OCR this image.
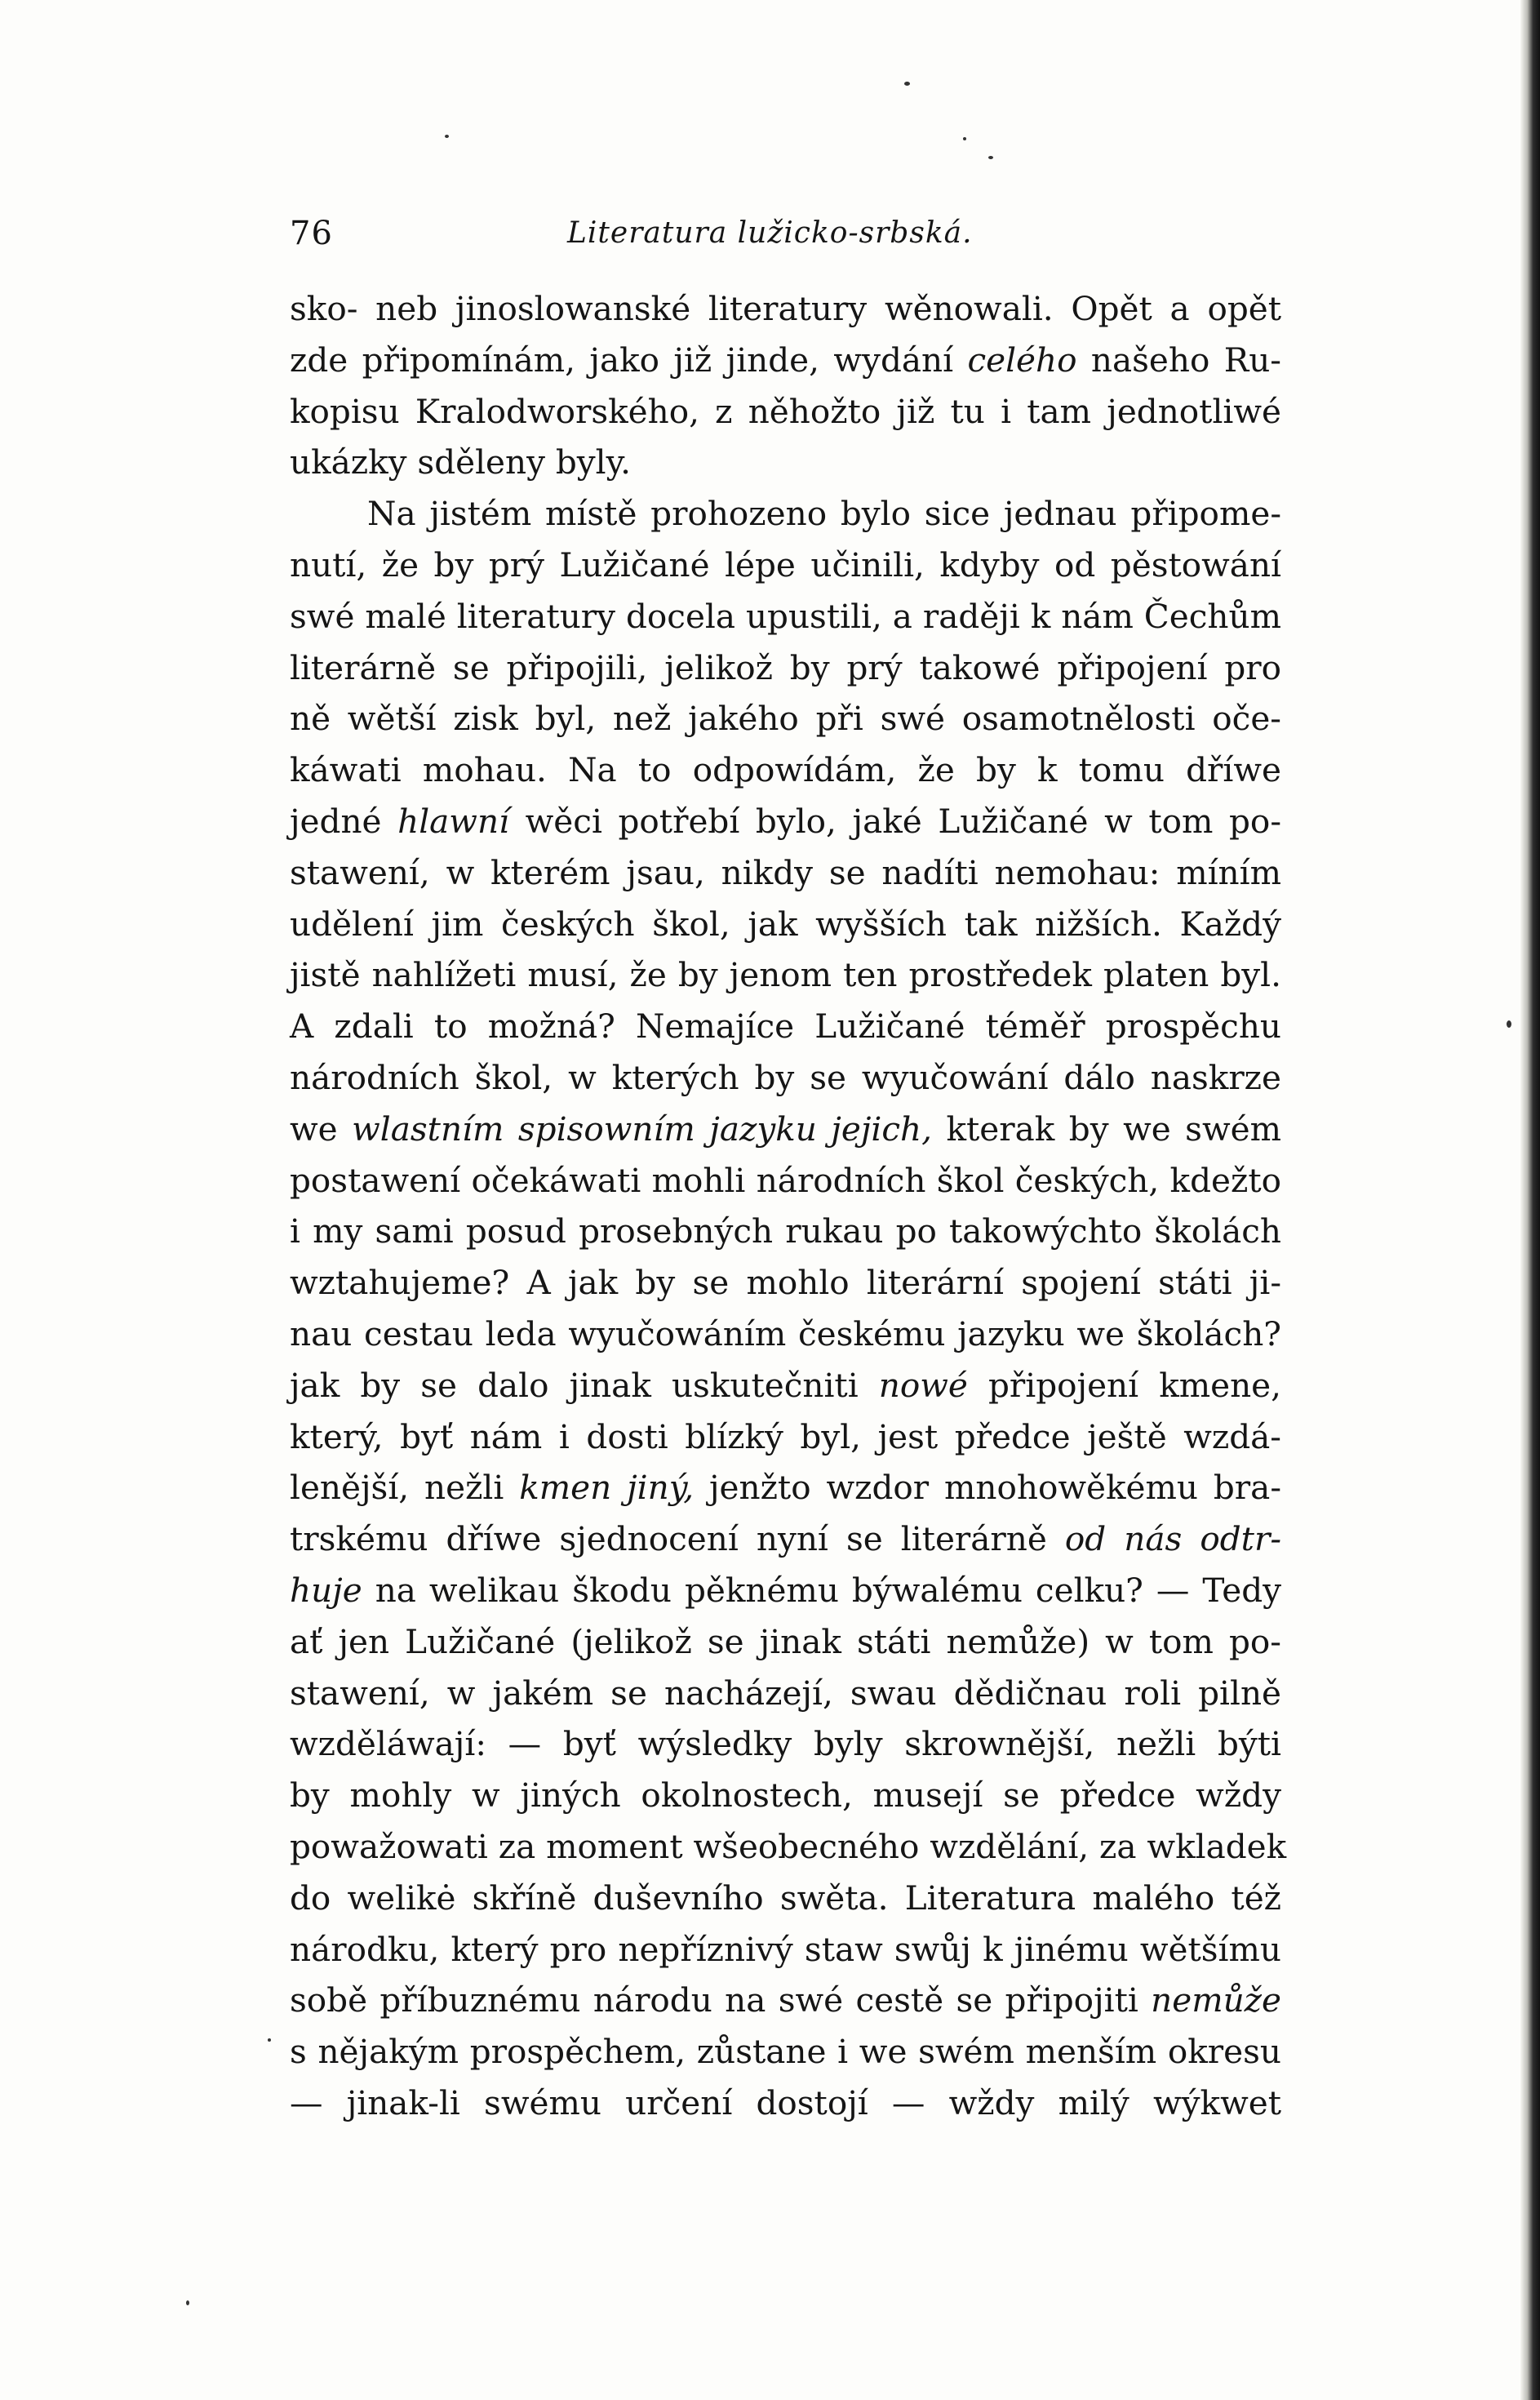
76	Literatura lužicko-srbská.
sko- neb jinoslowanské literatury wěnowali. Opět a opět
zde připomínám, jako již jinde, wydání celého našeho Ru-
kopisu Kralodworského, z něhožto již tu i tam jednotliwé
ukázky sděleny byly.
Na jistém místě prohozeno bylo sice jednau připome-
nutí, že by prý Lužičané lépe učinili, kdyby od pěstowání
swé malé literatury docela upustili, a raději k nám Čechům
literárně se připojili, jelikož by prý takowé připojení pro
ně wětší zisk byl, než jakého při swé osamotnělosti oče-
káwati mohau. Na to odpowídám, že by k tomu dříwe
jedné hlawní wěci potřebí bylo, jaké Lužičané w tom po-
stawení, w kterém jsau, nikdy se nadíti nemohau: míním
udělení jim českých škol, jak wyšších tak nižších. Každý
jistě nahlížeti musí, že by jenom ten prostředek platen byl.
A zdali to možná? Nemajíce Lužičané téměř prospěchu
národních škol, w kterých by se wyučowání dálo naskrze
we wlastním spisowním jazyku jejich, kterak by we swém
postawení očekáwati mohli národních škol českých, kdežto
i my sami posud prosebných rukau po takowýchto školách
wztahujeme? A jak by se mohlo literární spojení státi ji-
nau cestau leda wyučowáním českému jazyku we školách?
jak by se dalo jinak uskutečniti nowé připojení kmene,
který, byť nám i dosti blízký byl, jest předce ještě wzdá-
lenější, nežli kmen jiný, jenžto wzdor mnohowěkému bra-
trskému dříwe sjednocení nyní se literárně od nás odtr-
huje na welikau škodu pěknému býwalému celku? — Tedy
ať jen Lužičané (jelikož se jinak státi nemůže) w tom po-
stawení, w jakém se nacházejí, swau dědičnau roli pilně
wzděláwají: — byť wýsledky byly skrownější, nežli býti
by mohly w jiných okolnostech, musejí se předce wždy
powažowati za moment wšeobecného wzdělání, za wkladek
do welikė skříně duševního swěta. Literatura malého též
národku, který pro nepříznivý staw swůj k jinému wětšímu
sobě příbuznému národu na swé cestě se připojiti nemůže
s nějakým prospěchem, zůstane i we swém menším okresu
— jinak-li swému určení dostojí — wždy milý wýkwet
